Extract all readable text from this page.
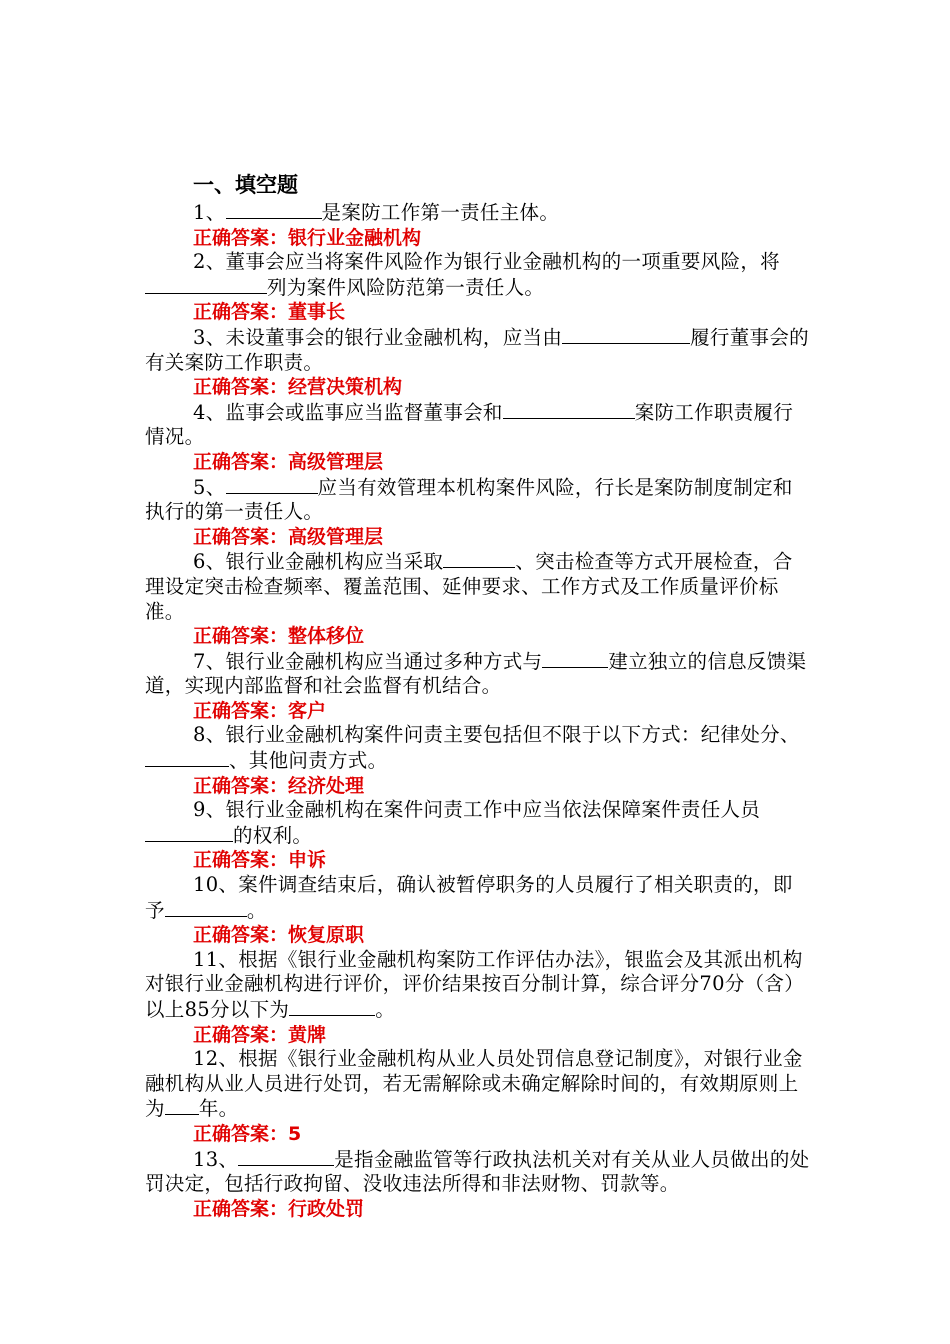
一、填空题
1、	是案防工作第一责任主体。
正确答案：银行业金融机构
2、董事会应当将案件风险作为银行业金融机构的一项重要风险，将列为案件风险防范第一责任人。
正确答案：董事长
3、未设董事会的银行业金融机构，应当由	履行董事会的有关案防工作职责。
正确答案：经营决策机构
4、监事会或监事应当监督董事会和	案防工作职责履行情况。
正确答案：高级管理层
5、	应当有效管理本机构案件风险，行长是案防制度制定和执行的第一责任人。
正确答案：高级管理层
6、银行业金融机构应当采取	、突击检查等方式开展检查，合理设定突击检查频率、覆盖范围、延伸要求、工作方式及工作质量评价标准。
正确答案：整体移位
7、银行业金融机构应当通过多种方式与	建立独立的信息反馈渠道，实现内部监督和社会监督有机结合。
正确答案：客户
8、银行业金融机构案件问责主要包括但不限于以下方式：纪律处分、、其他问责方式。
正确答案：经济处理
9、银行业金融机构在案件问责工作中应当依法保障案件责任人员的权利。
正确答案：申诉
10、案件调查结束后，确认被暂停职务的人员履行了相关职责的，即予	。
正确答案：恢复原职
11、根据《银行业金融机构案防工作评估办法》，银监会及其派出机构对银行业金融机构进行评价，评价结果按百分制计算，综合评分70分（含）以上85分以下为	。
正确答案：黄牌
12、根据《银行业金融机构从业人员处罚信息登记制度》，对银行业金融机构从业人员进行处罚，若无需解除或未确定解除时间的，有效期原则上为 年。
正确答案：5
13、	是指金融监管等行政执法机关对有关从业人员做出的处罚决定，包括行政拘留、没收违法所得和非法财物、罚款等。
正确答案：行政处罚
